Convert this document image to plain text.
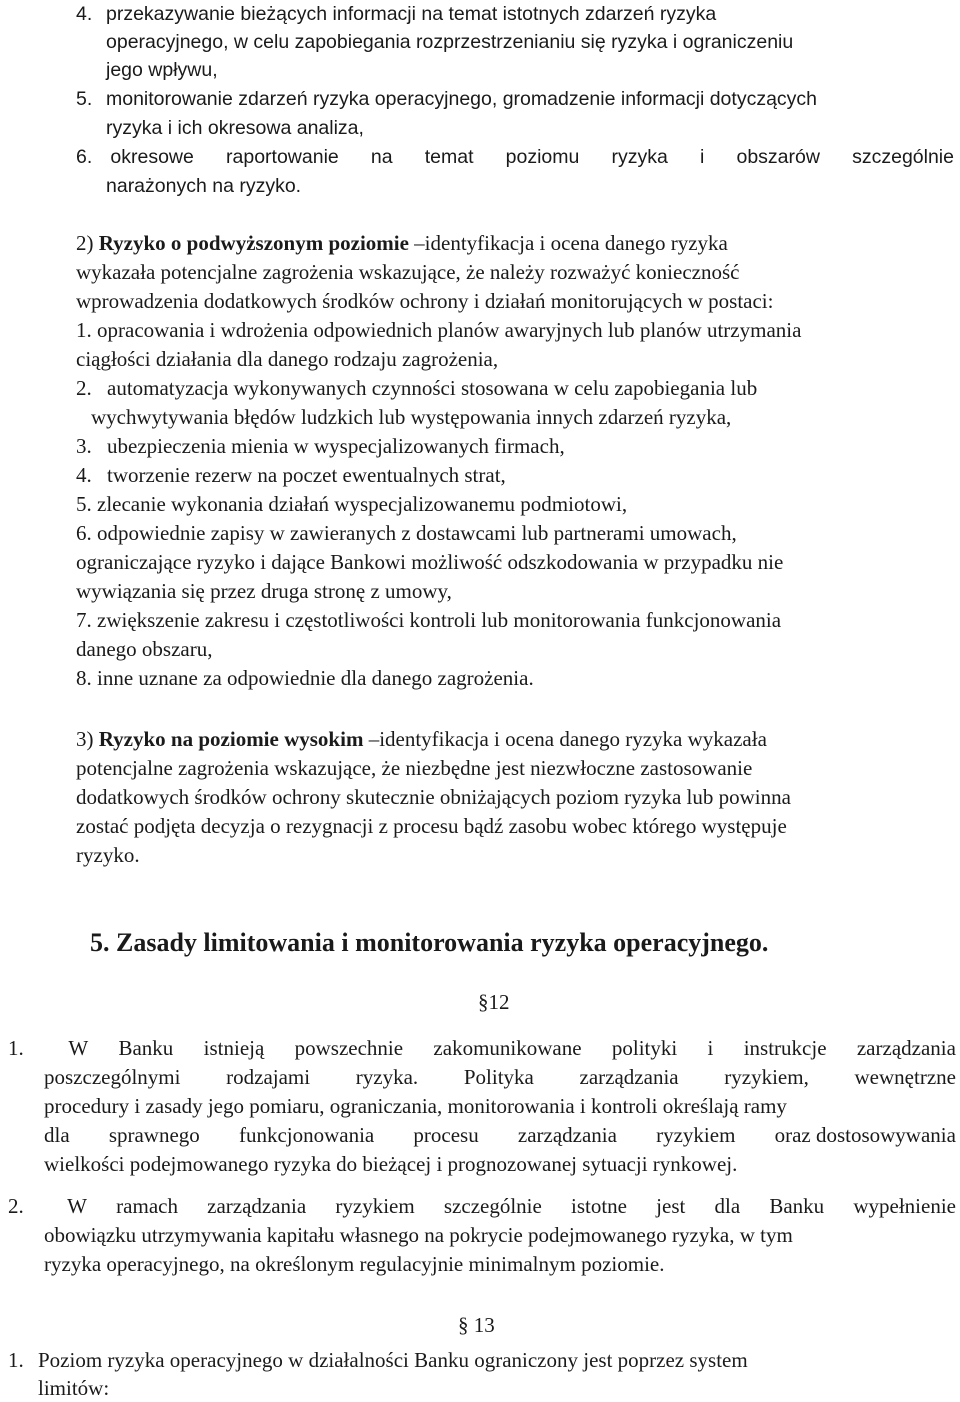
4. przekazywanie bieżących informacji na temat istotnych zdarzeń ryzyka
operacyjnego, w celu zapobiegania rozprzestrzenianiu się ryzyka i ograniczeniu
jego wpływu,
5. monitorowanie zdarzeń ryzyka operacyjnego, gromadzenie informacji dotyczących
ryzyka i ich okresowa analiza,
6. okresowe raportowanie na temat poziomu ryzyka i obszarów szczególnie
narażonych na ryzyko.
2) Ryzyko o podwyższonym poziomie –identyfikacja i ocena danego ryzyka
wykazała potencjalne zagrożenia wskazujące, że należy rozważyć konieczność
wprowadzenia dodatkowych środków ochrony i działań monitorujących w postaci:
1. opracowania i wdrożenia odpowiednich planów awaryjnych lub planów utrzymania
ciągłości działania dla danego rodzaju zagrożenia,
2. automatyzacja wykonywanych czynności stosowana w celu zapobiegania lub
wychwytywania błędów ludzkich lub występowania innych zdarzeń ryzyka,
3. ubezpieczenia mienia w wyspecjalizowanych firmach,
4. tworzenie rezerw na poczet ewentualnych strat,
5. zlecanie wykonania działań wyspecjalizowanemu podmiotowi,
6. odpowiednie zapisy w zawieranych z dostawcami lub partnerami umowach,
ograniczające ryzyko i dające Bankowi możliwość odszkodowania w przypadku nie
wywiązania się przez druga stronę z umowy,
7. zwiększenie zakresu i częstotliwości kontroli lub monitorowania funkcjonowania
danego obszaru,
8. inne uznane za odpowiednie dla danego zagrożenia.
3) Ryzyko na poziomie wysokim –identyfikacja i ocena danego ryzyka wykazała
potencjalne zagrożenia wskazujące, że niezbędne jest niezwłoczne zastosowanie
dodatkowych środków ochrony skutecznie obniżających poziom ryzyka lub powinna
zostać podjęta decyzja o rezygnacji z procesu bądź zasobu wobec którego występuje
ryzyko.
5. Zasady limitowania i monitorowania ryzyka operacyjnego.
§12
1.	W Banku istnieją powszechnie zakomunikowane polityki i instrukcje zarządzania
poszczególnymi rodzajami ryzyka. Polityka zarządzania ryzykiem, wewnętrzne
procedury i zasady jego pomiaru, ograniczania, monitorowania i kontroli określają ramy
dla sprawnego funkcjonowania procesu zarządzania ryzykiem oraz dostosowywania
wielkości podejmowanego ryzyka do bieżącej i prognozowanej sytuacji rynkowej.
2.	W ramach zarządzania ryzykiem szczególnie istotne jest dla Banku wypełnienie
obowiązku utrzymywania kapitału własnego na pokrycie podejmowanego ryzyka, w tym
ryzyka operacyjnego, na określonym regulacyjnie minimalnym poziomie.
§ 13
1. Poziom ryzyka operacyjnego w działalności Banku ograniczony jest poprzez system
limitów:
